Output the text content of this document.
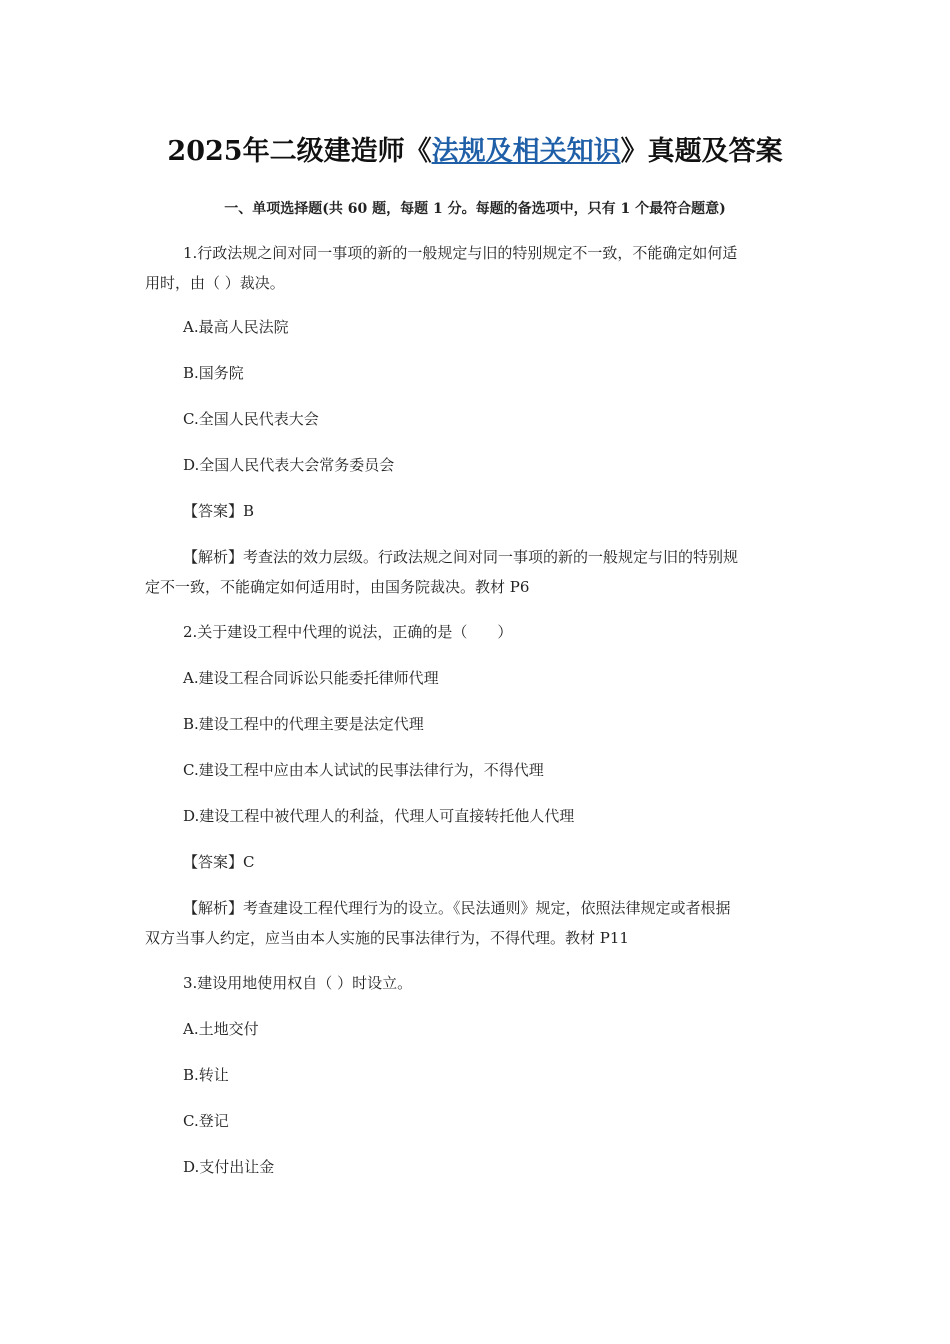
2025年二级建造师《法规及相关知识》真题及答案
一、单项选择题(共 60 题，每题 1 分。每题的备选项中，只有 1 个最符合题意)

1.行政法规之间对同一事项的新的一般规定与旧的特别规定不一致，不能确定如何适
用时，由（ ）裁决。

A.最高人民法院

B.国务院

C.全国人民代表大会

D.全国人民代表大会常务委员会

【答案】B

【解析】考查法的效力层级。行政法规之间对同一事项的新的一般规定与旧的特别规
定不一致，不能确定如何适用时，由国务院裁决。教材 P6

2.关于建设工程中代理的说法，正确的是（　　）

A.建设工程合同诉讼只能委托律师代理

B.建设工程中的代理主要是法定代理

C.建设工程中应由本人试试的民事法律行为，不得代理

D.建设工程中被代理人的利益，代理人可直接转托他人代理

【答案】C

【解析】考查建设工程代理行为的设立。《民法通则》规定，依照法律规定或者根据
双方当事人约定，应当由本人实施的民事法律行为，不得代理。教材 P11

3.建设用地使用权自（ ）时设立。

A.土地交付

B.转让

C.登记

D.支付出让金
